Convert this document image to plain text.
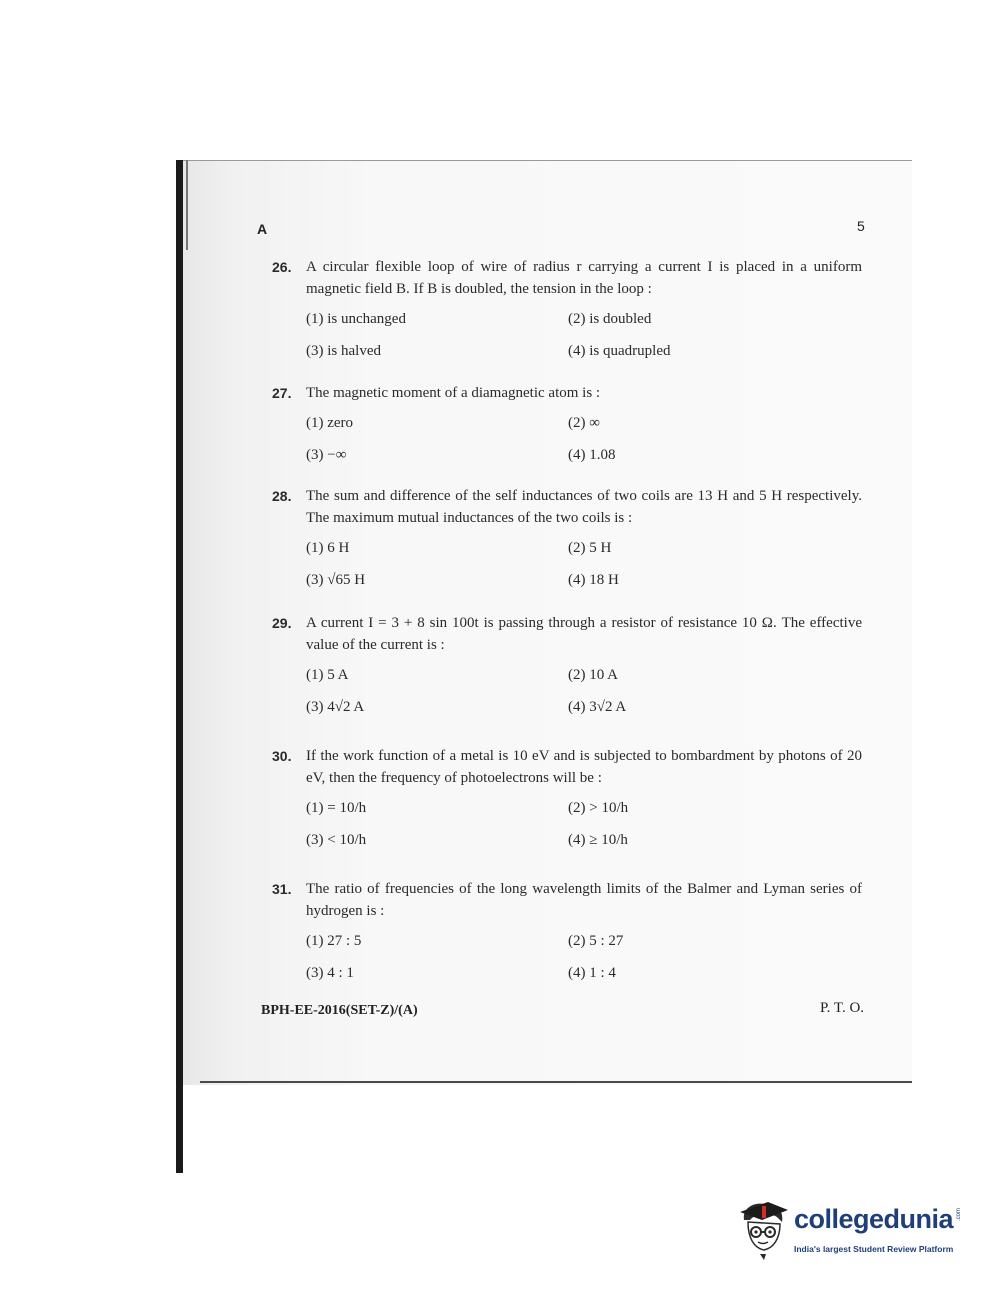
A	5
26. A circular flexible loop of wire of radius r carrying a current I is placed in a uniform magnetic field B. If B is doubled, the tension in the loop :
(1) is unchanged	(2) is doubled
(3) is halved	(4) is quadrupled
27. The magnetic moment of a diamagnetic atom is :
(1) zero	(2) ∞
(3) −∞	(4) 1.08
28. The sum and difference of the self inductances of two coils are 13 H and 5 H respectively. The maximum mutual inductances of the two coils is :
(1) 6 H	(2) 5 H
(3) √65 H	(4) 18 H
29. A current I = 3 + 8 sin 100t is passing through a resistor of resistance 10 Ω. The effective value of the current is :
(1) 5 A	(2) 10 A
(3) 4√2 A	(4) 3√2 A
30. If the work function of a metal is 10 eV and is subjected to bombardment by photons of 20 eV, then the frequency of photoelectrons will be :
(1) = 10/h	(2) > 10/h
(3) < 10/h	(4) ≥ 10/h
31. The ratio of frequencies of the long wavelength limits of the Balmer and Lyman series of hydrogen is :
(1) 27 : 5	(2) 5 : 27
(3) 4 : 1	(4) 1 : 4
BPH-EE-2016(SET-Z)/(A)	P. T. O.
collegedunia .com
India's largest Student Review Platform
